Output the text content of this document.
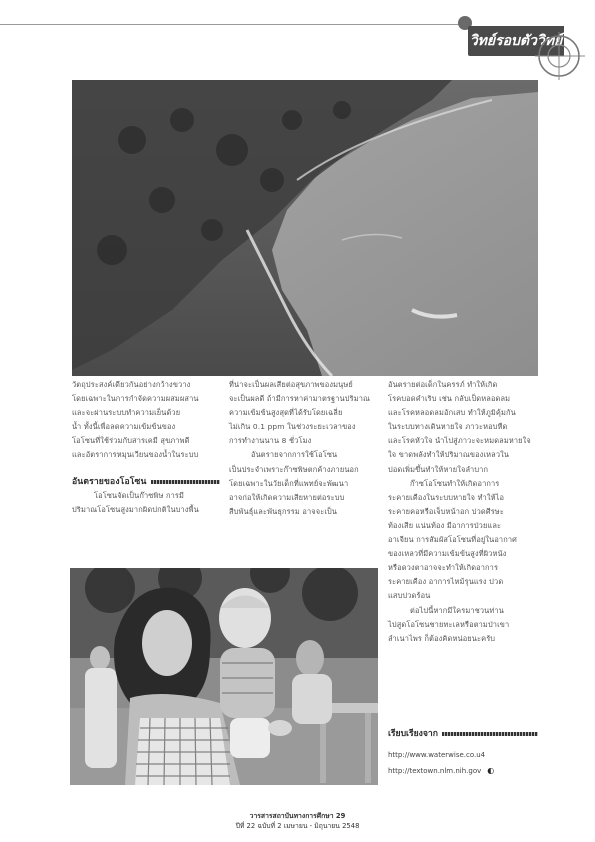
วิทย์รอบตัววิทย์

วัตถุประสงค์เดียวกันอย่างกว้างขวาง

โดยเฉพาะในการกำจัดความผสมผสาน

และจะผ่านระบบทำความเย็นด้วย

น้ำ ทั้งนี้เพื่อลดความเข้มข้นของ

โอโซนที่ใช้ร่วมกับสารเคมี สุขภาพดี

และอัตราการหมุนเวียนของน้ำในระบบ

อันตรายของโอโซน

โอโซนจัดเป็นก๊าซพิษ การมี

ปริมาณโอโซนสูงมากผิดปกติในบางพื้น

ที่น่าจะเป็นผลเสียต่อสุขภาพของมนุษย์

จะเป็นผลดี ถ้ามีการหาค่ามาตรฐานปริมาณ

ความเข้มข้นสูงสุดที่ได้รับโดยเฉลี่ย

ไม่เกิน 0.1 ppm ในช่วงระยะเวลาของ

การทำงานนาน 8 ชั่วโมง

อันตรายจากการใช้โอโซน

เป็นประจำเพราะก๊าซพิษตกค้างภายนอก

โดยเฉพาะในวัยเด็กที่แพทย์จะพัฒนา

อาจก่อให้เกิดความเสียหายต่อระบบ

สืบพันธุ์และพันธุกรรม อาจจะเป็น

อันตรายต่อเด็กในครรภ์ ทำให้เกิด

โรคบอดคำเริบ เช่น กลับเป็ดหลอดลม

และโรคหลอดลมอักเสบ ทำให้ภูมิคุ้มกัน

ในระบบทางเดินหายใจ ภาวะหอบหืด

และโรคหัวใจ นำไปสู่ภาวะจะหมดลมหายใจ

ใจ ขาดพลังทำให้ปริมาณของเหลวใน

ปอดเพิ่มขึ้นทำให้หายใจลำบาก

ก๊าซโอโซนทำให้เกิดอาการ

ระคายเคืองในระบบหายใจ ทำให้ไอ

ระคายคอหรือเจ็บหน้าอก ปวดศีรษะ

ท้องเสีย แน่นท้อง มีอาการป่วยและ

อาเจียน การสัมผัสโอโซนที่อยู่ในอากาศ

ของเหลวที่มีความเข้มข้นสูงที่ผิวหนัง

หรือดวงตาอาจจะทำให้เกิดอาการ

ระคายเคือง อาการไหม้รุนแรง ปวด

แสบปวดร้อน

ต่อไปนี้หากมีใครมาชวนท่าน

ไปสูดโอโซนชายทะเลหรือตามป่าเขา

ลำเนาไพร ก็ต้องคิดหน่อยนะครับ

เรียบเรียงจาก
http://www.waterwise.co.u4
http://textown.nlm.nih.gov ◐
วารสารสถาบันทางการศึกษา 29
ปีที่ 22 ฉบับที่ 2 เมษายน - มิถุนายน 2548
